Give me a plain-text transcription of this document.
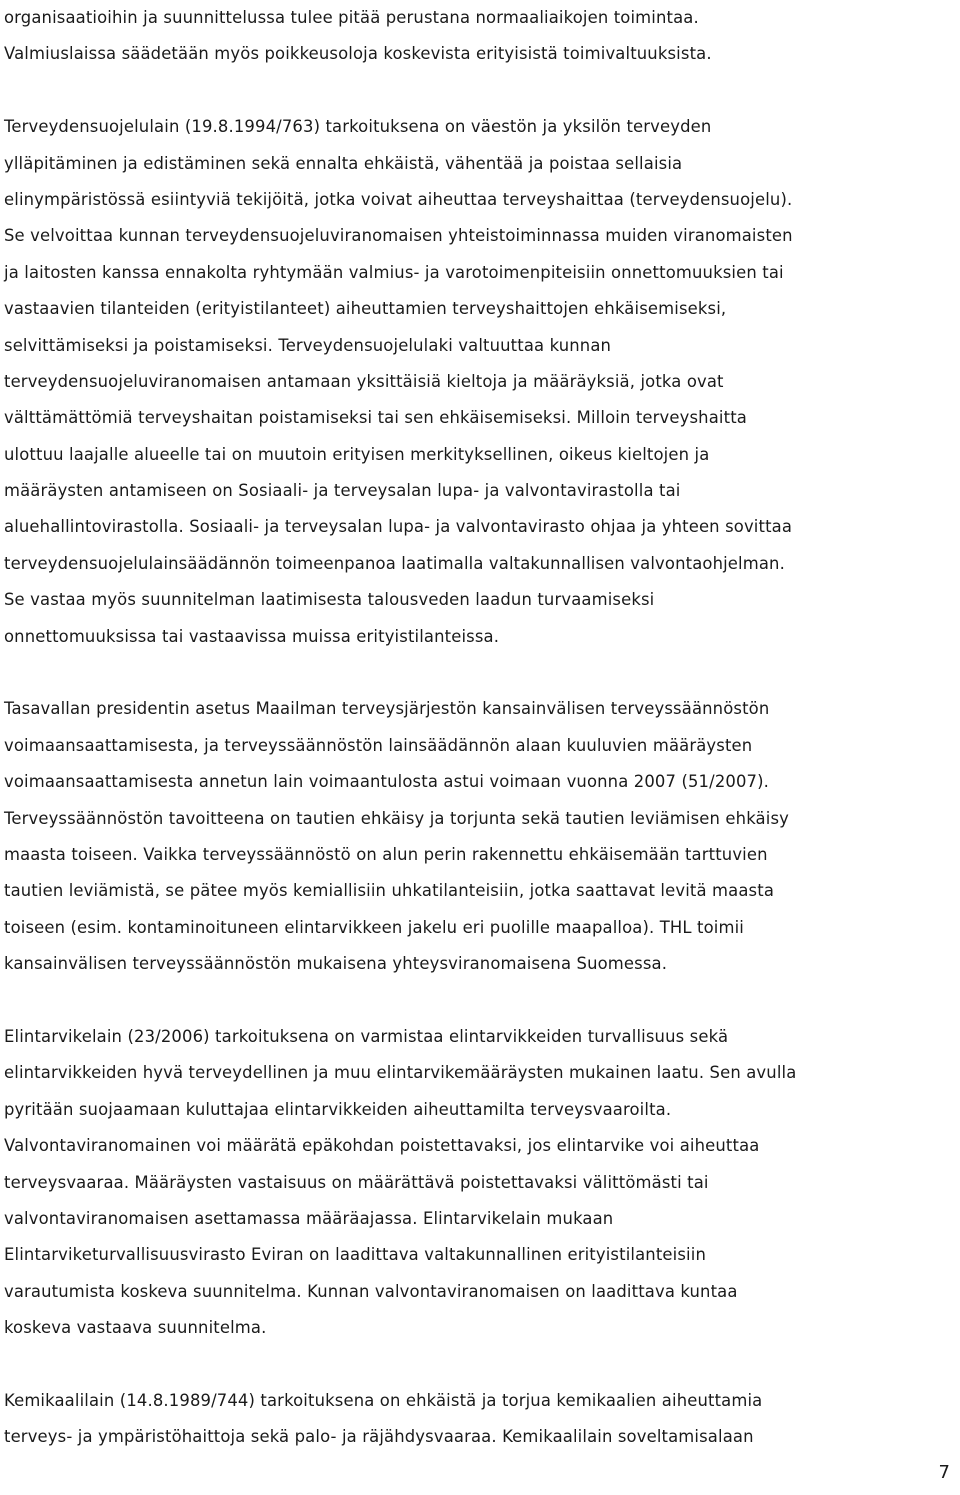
organisaatioihin ja suunnittelussa tulee pitää perustana normaaliaikojen toimintaa.
Valmiuslaissa säädetään myös poikkeusoloja koskevista erityisistä toimivaltuuksista.
Terveydensuojelulain (19.8.1994/763) tarkoituksena on väestön ja yksilön terveyden
ylläpitäminen ja edistäminen sekä ennalta ehkäistä, vähentää ja poistaa sellaisia
elinympäristössä esiintyviä tekijöitä, jotka voivat aiheuttaa terveyshaittaa (terveydensuojelu).
Se velvoittaa kunnan terveydensuojeluviranomaisen yhteistoiminnassa muiden viranomaisten
ja laitosten kanssa ennakolta ryhtymään valmius- ja varotoimenpiteisiin onnettomuuksien tai
vastaavien tilanteiden (erityistilanteet) aiheuttamien terveyshaittojen ehkäisemiseksi,
selvittämiseksi ja poistamiseksi. Terveydensuojelulaki valtuuttaa kunnan
terveydensuojeluviranomaisen antamaan yksittäisiä kieltoja ja määräyksiä, jotka ovat
välttämättömiä terveyshaitan poistamiseksi tai sen ehkäisemiseksi. Milloin terveyshaitta
ulottuu laajalle alueelle tai on muutoin erityisen merkityksellinen, oikeus kieltojen ja
määräysten antamiseen on Sosiaali- ja terveysalan lupa- ja valvontavirastolla tai
aluehallintovirastolla. Sosiaali- ja terveysalan lupa- ja valvontavirasto ohjaa ja yhteen sovittaa
terveydensuojelulainsäädännön toimeenpanoa laatimalla valtakunnallisen valvontaohjelman.
Se vastaa myös suunnitelman laatimisesta talousveden laadun turvaamiseksi
onnettomuuksissa tai vastaavissa muissa erityistilanteissa.
Tasavallan presidentin asetus Maailman terveysjärjestön kansainvälisen terveyssäännöstön
voimaansaattamisesta, ja terveyssäännöstön lainsäädännön alaan kuuluvien määräysten
voimaansaattamisesta annetun lain voimaantulosta astui voimaan vuonna 2007 (51/2007).
Terveyssäännöstön tavoitteena on tautien ehkäisy ja torjunta sekä tautien leviämisen ehkäisy
maasta toiseen. Vaikka terveyssäännöstö on alun perin rakennettu ehkäisemään tarttuvien
tautien leviämistä, se pätee myös kemiallisiin uhkatilanteisiin, jotka saattavat levitä maasta
toiseen (esim. kontaminoituneen elintarvikkeen jakelu eri puolille maapalloa). THL toimii
kansainvälisen terveyssäännöstön mukaisena yhteysviranomaisena Suomessa.
Elintarvikelain (23/2006) tarkoituksena on varmistaa elintarvikkeiden turvallisuus sekä
elintarvikkeiden hyvä terveydellinen ja muu elintarvikemääräysten mukainen laatu. Sen avulla
pyritään suojaamaan kuluttajaa elintarvikkeiden aiheuttamilta terveysvaaroilta.
Valvontaviranomainen voi määrätä epäkohdan poistettavaksi, jos elintarvike voi aiheuttaa
terveysvaaraa. Määräysten vastaisuus on määrättävä poistettavaksi välittömästi tai
valvontaviranomaisen asettamassa määräajassa. Elintarvikelain mukaan
Elintarviketurvallisuusvirasto Eviran on laadittava valtakunnallinen erityistilanteisiin
varautumista koskeva suunnitelma. Kunnan valvontaviranomaisen on laadittava kuntaa
koskeva vastaava suunnitelma.
Kemikaalilain (14.8.1989/744) tarkoituksena on ehkäistä ja torjua kemikaalien aiheuttamia
terveys- ja ympäristöhaittoja sekä palo- ja räjähdysvaaraa. Kemikaalilain soveltamisalaan
7
